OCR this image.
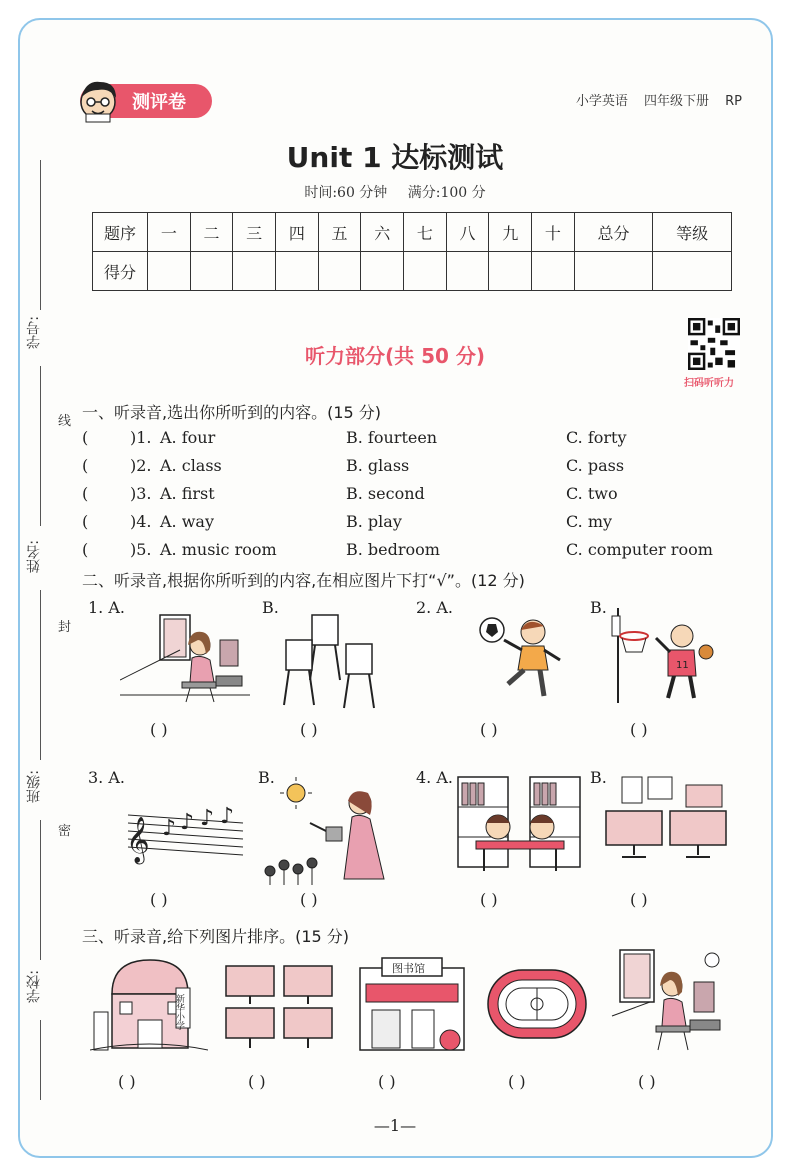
测评卷	小学英语 四年级下册 RP
Unit 1 达标测试
时间:60 分钟 满分:100 分
题序	一	二	三	四	五	六	七	八	九	十	总分	等级
得分												
扫码听听力
听力部分(共 50 分)
学号:
姓名:
班级:
学校:
线
封
密
一、听录音,选出你所听到的内容。(15 分)
(	)1. A. four	B. fourteen	C. forty
(	)2. A. class	B. glass	C. pass
(	)3. A. first	B. second	C. two
(	)4. A. way	B. play	C. my
(	)5. A. music room	B. bedroom	C. computer room
二、听录音,根据你所听到的内容,在相应图片下打“√”。(12 分)
1. A.	B.	2. A.	B.
11
( )	( )	( )	( )
3. A.	B.	4. A.	B.
𝄞 ♪ ♪ ♪ ♪
( )	( )	( )	( )
三、听录音,给下列图片排序。(15 分)
新华小学
图书馆
( )	( )	( )	( )	( )
—1—
